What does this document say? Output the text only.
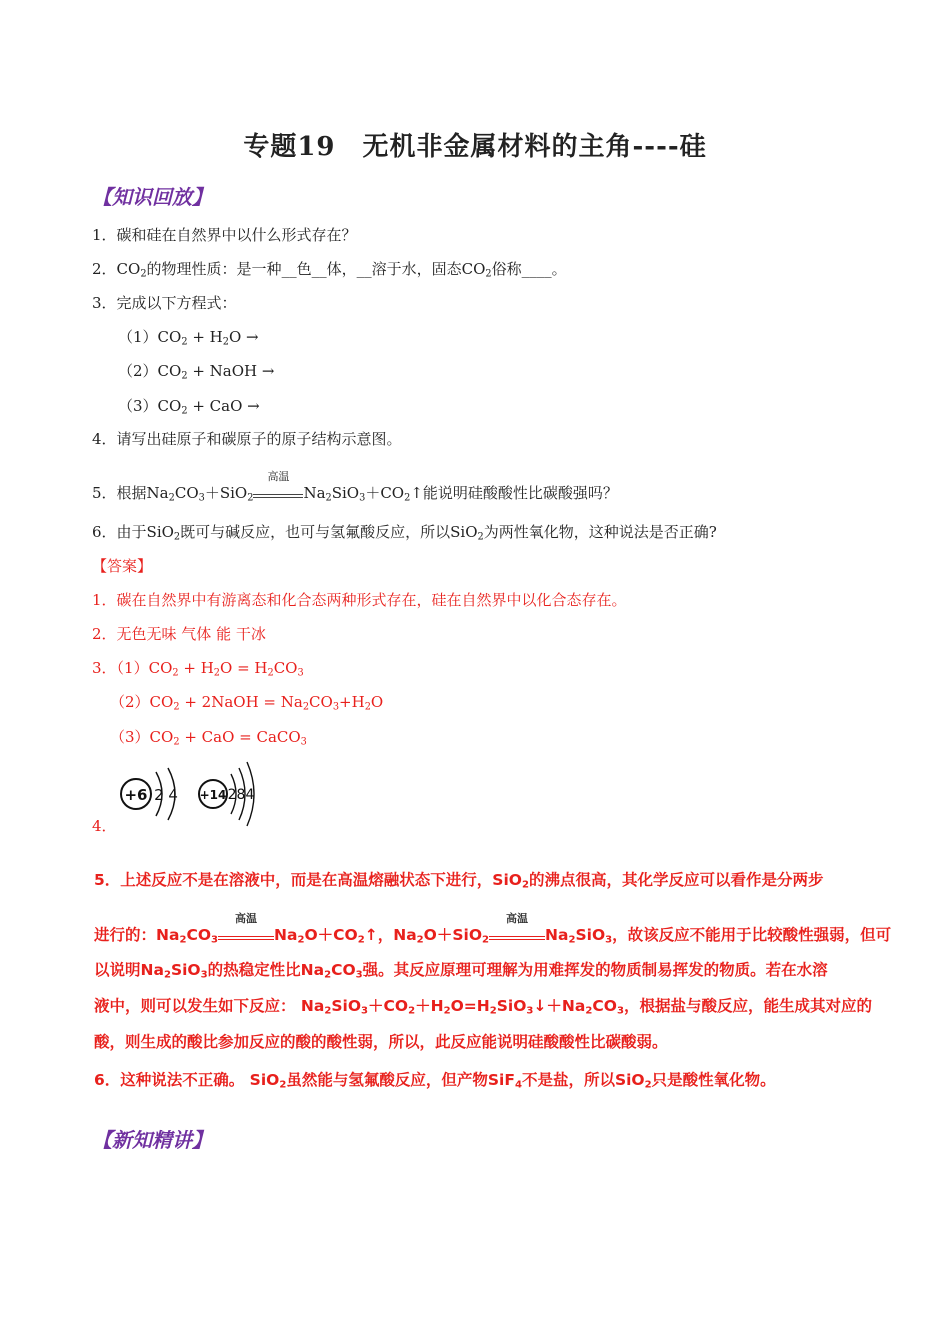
专题19　无机非金属材料的主角----硅
【知识回放】
1．碳和硅在自然界中以什么形式存在？
2．$CO_2$的物理性质：是一种__色__体，__溶于水，固态$CO_2$俗称____。
3．完成以下方程式：
$(1)CO_2 + H_2O$ →
$(2)CO_2$ + NaOH →
$(3)CO_2$ + CaO →
4．请写出硅原子和碳原子的原子结构示意图。
5．根据$Na_2CO_3+SiO_2$
高温
$Na_2SiO_3+CO_2↑$能说明硅酸酸性比碳酸强吗？
6．由于SiO$_2$既可与碱反应，也可与氢氟酸反应，所以SiO$_2$为两性氧化物，这种说法是否正确?
【答案】
1．碳在自然界中有游离态和化合态两种形式存在，硅在自然界中以化合态存在。
2．无色无味 气体 能 干冰
3．$(1)CO_2 + H_2O = H_2CO_3$
$(2)CO_2$ + 2NaOH = $Na_2CO_3+H_2O$
$(3)CO_2$ + CaO = CaCO$_3$
+6 2 4 +14 284
4．
5．上述反应不是在溶液中，而是在高温熔融状态下进行，SiO$_2$的沸点很高，其化学反应可以看作是分两步
进行的：$Na_2CO_3$
高温
$Na_2O+CO_2↑$，$Na_2O+SiO_2$
高温
$Na_2SiO_3$，故该反应不能用于比较酸性强弱，但可
以说明$Na_2SiO_3$的热稳定性比$Na_2CO_3$强。其反应原理可理解为用难挥发的物质制易挥发的物质。若在水溶
液中，则可以发生如下反应： $Na_2SiO_3+CO_2+H_2O=H_2SiO_3↓+Na_2CO_3$，根据盐与酸反应，能生成其对应的
酸，则生成的酸比参加反应的酸的酸性弱，所以，此反应能说明硅酸酸性比碳酸弱。
6．这种说法不正确。 SiO$_2$虽然能与氢氟酸反应，但产物SiF$_4$不是盐，所以SiO$_2$只是酸性氧化物。
【新知精讲】
